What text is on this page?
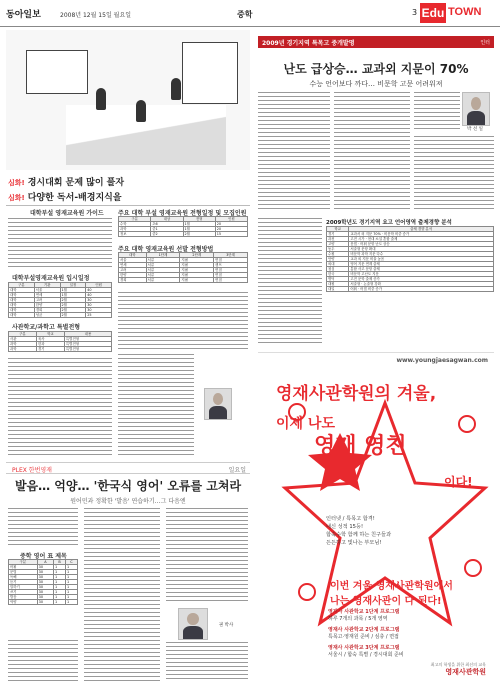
동아일보	2008년 12월 15일 월요일	중학	3 Edu TOWN
심화! 경시대회 문제 많이 풀자
심화! 다양한 독서-배경지식을
대학부설 영재교육원 가이드
대학부설영재교육원 입시일정
구분	기관	일정	인원
대학	서울	1월	40
대학	연세	1월	40
대학	고려	2월	30
대학	한양	2월	30
대학	경희	2월	30
대학	성균	2월	25
사관학교/과학고 특별전형
구분	학교	내용
사관	육사	특별전형
과학	한과	특별전형
과학	경기	특별전형
주요 대학 부설 영재교육원 전형일정 및 모집인원
구분	대상	전형	인원
수학	초6	1월	20
과학	중1	1월	20
정보	중2	2월	15
주요 대학 영재교육원 선발 전형방법
대학	1단계	2단계	3단계
서울	서류	지필	면접
연세	서류	지필	캠프
고려	서류	지필	면접
한양	서류	지필	면접
경희	서류	지필	면접
PLEX 한번영재	일요일
발음… 억양… '한국식 영어' 오류를 고쳐라
원어민과 정확한 '발음' 연습하기…그 다음엔
중학 영어 표 제목
구분	A	B	C
어휘	30	1	1
문법	30	1	1
독해	30	1	1
듣기	30	1	1
말하기	30	1	1
쓰기	30	1	1
발음	30	1	1
억양	30	1	1
권 박사
2009년 경기지역 특목고 중개발명	인터
난도 급상승… 교과외 지문이 70%
수능 언어보다 까다… 비문학 고문 어려워져
박 선 일
2009학년도 경기지역 요고 언어영역 출제경향 분석
학교	출제 경향 분석
경기	교과서 외 지문 70% · 비문학 비중 증가
과천	고전 시가 · 현대 소설 혼합 출제
고양	문법 · 어휘 문항 난도 상승
동두	서술형 문항 확대
수원	비문학 과학 지문 다수
안양	교과 외 지문 비율 높음
외대	영어 지문 연계 출제
청심	통합 사고 문항 출제
한국	비문학 고난도 지문
명덕	고전 문학 출제 증가
대원	서술형 · 논술형 강화
대일	어휘 · 어법 비중 증가
www.youngjaesagwan.com
영재사관학원의 겨울,
이제 나도
영재 영친
이다!
인터넷 / 특목고 합격!
내신 성적 15등!
합숙수학 함께 하는 친구들과
든든하고 빛나는 부모님!
이번 겨울 영재사관학원에서
나는 영재사관이 다 된다!
영재사 사관학교 1단계 프로그램
하루 7개의 과목 / 5개 영역
영재사 사관학교 2단계 프로그램
특목고·영재원 준비 / 심층 / 면접
영재사 사관학교 3단계 프로그램
서울시 / 합숙 특별 / 경시대회 준비
최고의 학생을 위한 최선의 교육
영재사관학원
